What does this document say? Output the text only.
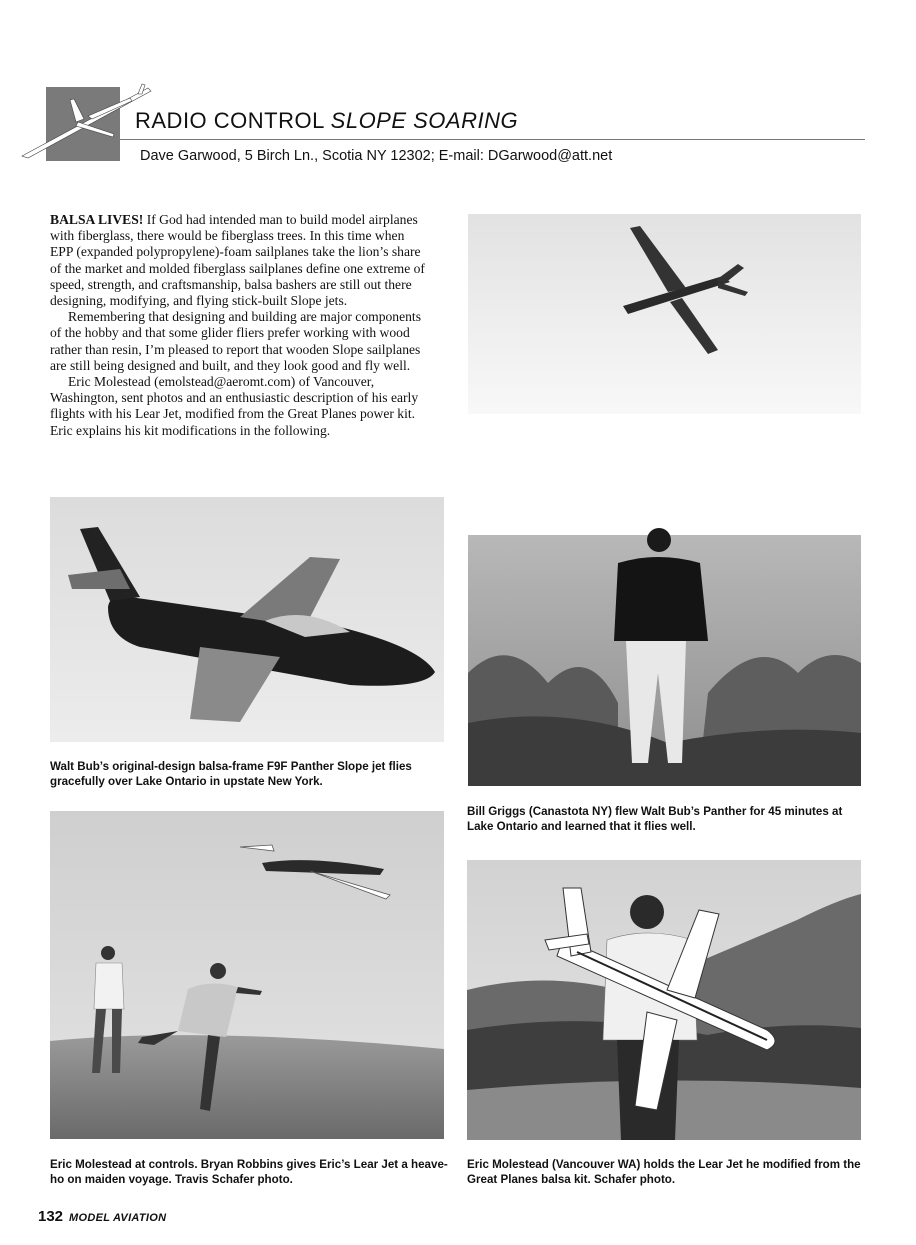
RADIO CONTROL SLOPE SOARING
Dave Garwood, 5 Birch Ln., Scotia NY 12302; E-mail: DGarwood@att.net

BALSA LIVES! If God had intended man to build model airplanes with fiberglass, there would be fiberglass trees. In this time when EPP (expanded polypropylene)-foam sailplanes take the lion’s share of the market and molded fiberglass sailplanes define one extreme of speed, strength, and craftsmanship, balsa bashers are still out there designing, modifying, and flying stick-built Slope jets.

Remembering that designing and building are major components of the hobby and that some glider fliers prefer working with wood rather than resin, I’m pleased to report that wooden Slope sailplanes are still being designed and built, and they look good and fly well.

Eric Molestead (emolstead@aeromt.com) of Vancouver, Washington, sent photos and an enthusiastic description of his early flights with his Lear Jet, modified from the Great Planes power kit. Eric explains his kit modifications in the following.

Walt Bub’s original-design balsa-frame F9F Panther Slope jet flies gracefully over Lake Ontario in upstate New York.
Bill Griggs (Canastota NY) flew Walt Bub’s Panther for 45 minutes at Lake Ontario and learned that it flies well.
Eric Molestead at controls. Bryan Robbins gives Eric’s Lear Jet a heave-ho on maiden voyage. Travis Schafer photo.
Eric Molestead (Vancouver WA) holds the Lear Jet he modified from the Great Planes balsa kit. Schafer photo.
132 MODEL AVIATION
